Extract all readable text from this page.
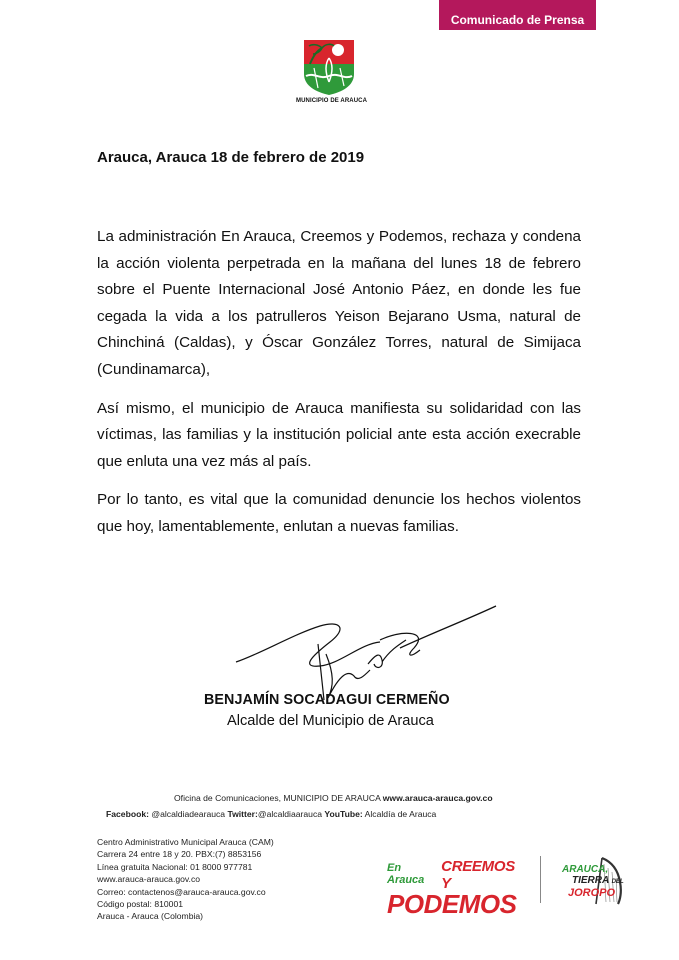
Comunicado de Prensa
MUNICIPIO DE ARAUCA
Arauca, Arauca 18 de febrero de 2019

La administración En Arauca, Creemos y Podemos, rechaza y condena la acción violenta perpetrada en la mañana del lunes 18 de febrero sobre el Puente Internacional José Antonio Páez, en donde les fue cegada la vida a los patrulleros Yeison Bejarano Usma, natural de Chinchiná (Caldas), y Óscar González Torres, natural de Simijaca (Cundinamarca),

Así mismo, el municipio de Arauca manifiesta su solidaridad con las víctimas, las familias y la institución policial ante esta acción execrable que enluta una vez más al país.

Por lo tanto, es vital que la comunidad denuncie los hechos violentos que hoy, lamentablemente, enlutan a nuevas familias.

BENJAMÍN SOCADAGUI CERMEÑO
Alcalde del Municipio de Arauca
Oficina de Comunicaciones, MUNICIPIO DE ARAUCA www.arauca-arauca.gov.co
Facebook: @alcaldiadearauca Twitter:@alcaldiaarauca YouTube: Alcaldía de Arauca
Centro Administrativo Municipal Arauca (CAM)
Carrera 24 entre 18 y 20. PBX:(7) 8853156
Línea gratuita Nacional: 01 8000 977781
www.arauca-arauca.gov.co
Correo: contactenos@arauca-arauca.gov.co
Código postal: 810001
Arauca - Arauca (Colombia)
En Arauca
CREEMOS Y
PODEMOS
ARAUCA,
TIERRA DEL
JOROPO
